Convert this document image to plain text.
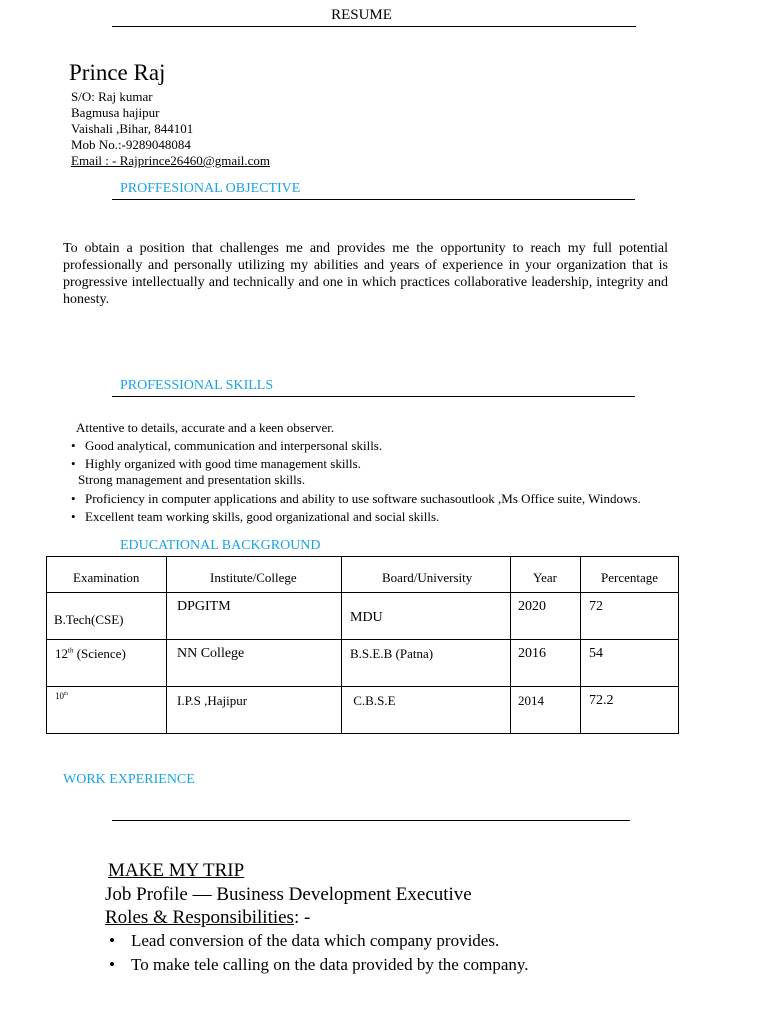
RESUME
Prince Raj
S/O: Raj kumar
Bagmusa hajipur
Vaishali ,Bihar, 844101
Mob No.:-9289048084
Email : - Rajprince26460@gmail.com
PROFFESIONAL OBJECTIVE
To obtain a position that challenges me and provides me the opportunity to reach my full potential professionally and personally utilizing my abilities and years of experience in your organization that is progressive intellectually and technically and one in which practices collaborative leadership, integrity and honesty.
PROFESSIONAL SKILLS
Attentive to details, accurate and a keen observer.
• Good analytical, communication and interpersonal skills.
• Highly organized with good time management skills.
Strong management and presentation skills.
• Proficiency in computer applications and ability to use software suchasoutlook ,Ms Office suite, Windows.
• Excellent team working skills, good organizational and social skills.
EDUCATIONAL BACKGROUND
Examination	Institute/College	Board/University	Year	Percentage

B.Tech(CSE)	DPGITM	MDU	2020	72

12th (Science)	NN College	B.S.E.B (Patna)	2016	54

10th	I.P.S ,Hajipur	C.B.S.E	2014	72.2
WORK EXPERIENCE
MAKE MY TRIP
Job Profile — Business Development Executive
Roles & Responsibilities: -
• Lead conversion of the data which company provides.
• To make tele calling on the data provided by the company.
